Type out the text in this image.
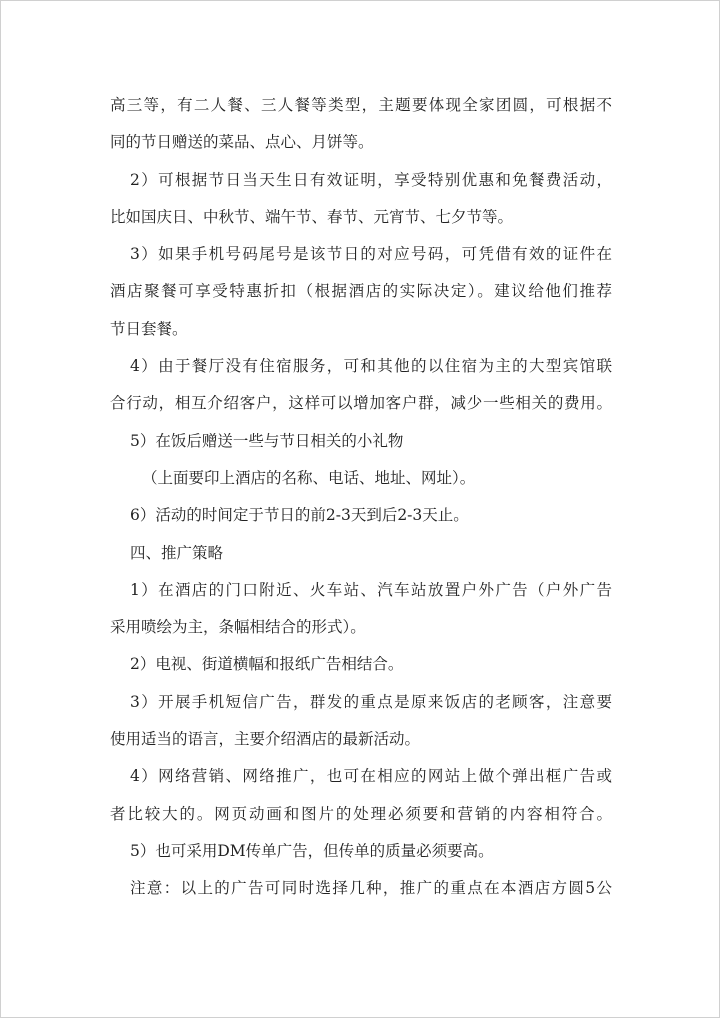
高三等，有二人餐、三人餐等类型，主题要体现全家团圆，可根据不

同的节日赠送的菜品、点心、月饼等。

2）可根据节日当天生日有效证明，享受特别优惠和免餐费活动，

比如国庆日、中秋节、端午节、春节、元宵节、七夕节等。

3）如果手机号码尾号是该节日的对应号码，可凭借有效的证件在

酒店聚餐可享受特惠折扣（根据酒店的实际决定）。建议给他们推荐

节日套餐。

4）由于餐厅没有住宿服务，可和其他的以住宿为主的大型宾馆联

合行动，相互介绍客户，这样可以增加客户群，减少一些相关的费用。

5）在饭后赠送一些与节日相关的小礼物

（上面要印上酒店的名称、电话、地址、网址）。

6）活动的时间定于节日的前2-3天到后2-3天止。

四、推广策略

1）在酒店的门口附近、火车站、汽车站放置户外广告（户外广告

采用喷绘为主，条幅相结合的形式）。

2）电视、街道横幅和报纸广告相结合。

3）开展手机短信广告，群发的重点是原来饭店的老顾客，注意要

使用适当的语言，主要介绍酒店的最新活动。

4）网络营销、网络推广，也可在相应的网站上做个弹出框广告或

者比较大的。网页动画和图片的处理必须要和营销的内容相符合。

5）也可采用DM传单广告，但传单的质量必须要高。

注意：以上的广告可同时选择几种，推广的重点在本酒店方圆5公
